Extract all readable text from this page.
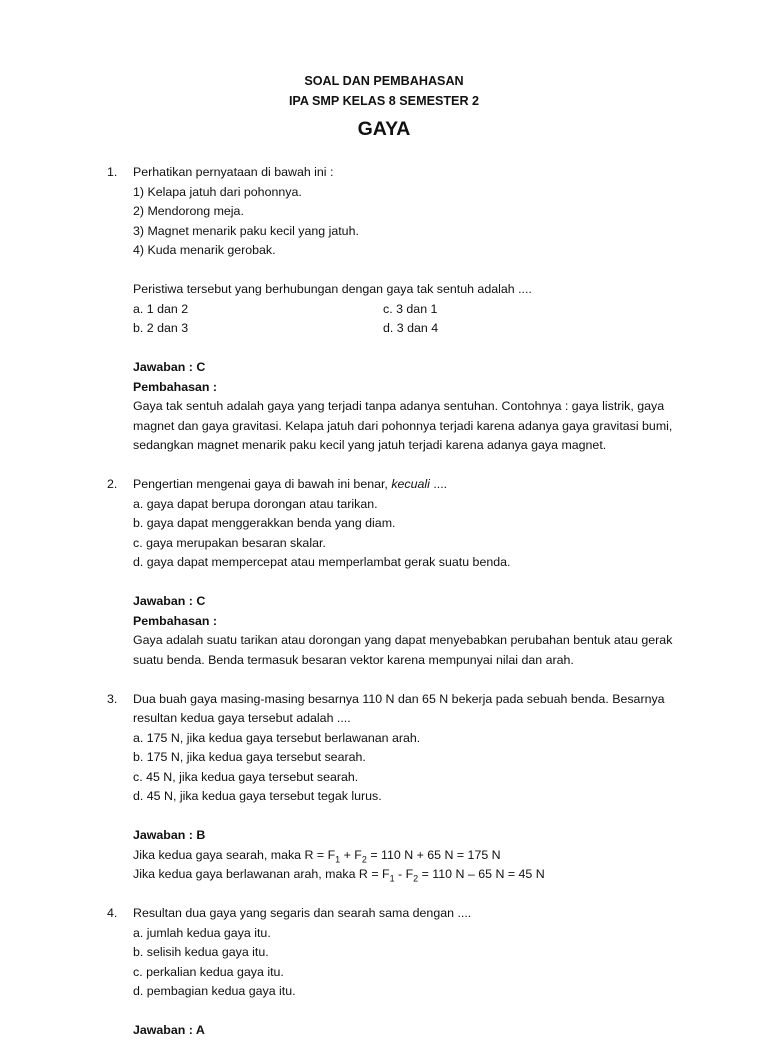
SOAL DAN PEMBAHASAN
IPA SMP KELAS 8 SEMESTER 2
GAYA
1. Perhatikan pernyataan di bawah ini :
1) Kelapa jatuh dari pohonnya.
2) Mendorong meja.
3) Magnet menarik paku kecil yang jatuh.
4) Kuda menarik gerobak.
Peristiwa tersebut yang berhubungan dengan gaya tak sentuh adalah ....
a. 1 dan 2	c. 3 dan 1
b. 2 dan 3	d. 3 dan 4
Jawaban : C
Pembahasan :
Gaya tak sentuh adalah gaya yang terjadi tanpa adanya sentuhan. Contohnya : gaya listrik, gaya
magnet dan gaya gravitasi. Kelapa jatuh dari pohonnya terjadi karena adanya gaya gravitasi bumi,
sedangkan magnet menarik paku kecil yang jatuh terjadi karena adanya gaya magnet.
2. Pengertian mengenai gaya di bawah ini benar, kecuali ....
a. gaya dapat berupa dorongan atau tarikan.
b. gaya dapat menggerakkan benda yang diam.
c. gaya merupakan besaran skalar.
d. gaya dapat mempercepat atau memperlambat gerak suatu benda.
Jawaban : C
Pembahasan :
Gaya adalah suatu tarikan atau dorongan yang dapat menyebabkan perubahan bentuk atau gerak
suatu benda. Benda termasuk besaran vektor karena mempunyai nilai dan arah.
3. Dua buah gaya masing-masing besarnya 110 N dan 65 N bekerja pada sebuah benda. Besarnya
resultan kedua gaya tersebut adalah ....
a. 175 N, jika kedua gaya tersebut berlawanan arah.
b. 175 N, jika kedua gaya tersebut searah.
c. 45 N, jika kedua gaya tersebut searah.
d. 45 N, jika kedua gaya tersebut tegak lurus.
Jawaban : B
Jika kedua gaya searah, maka $R = F_1 + F_2 = 110$ N + 65 N = 175 N
Jika kedua gaya berlawanan arah, maka $R = F_1 - F_2 = 110$ N – 65 N = 45 N
4. Resultan dua gaya yang segaris dan searah sama dengan ....
a. jumlah kedua gaya itu.
b. selisih kedua gaya itu.
c. perkalian kedua gaya itu.
d. pembagian kedua gaya itu.
Jawaban : A
